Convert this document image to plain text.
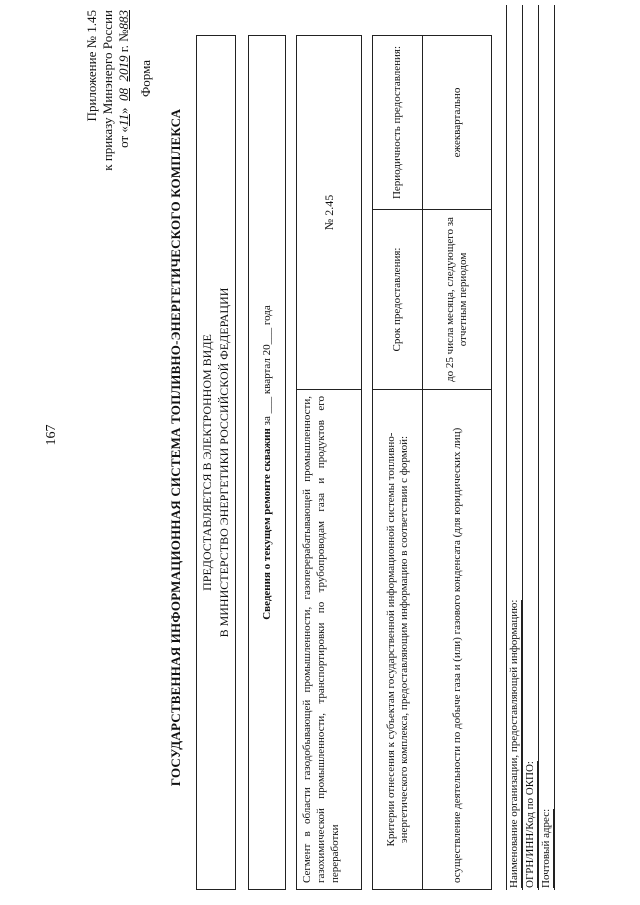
167
Приложение № 1.45 к приказу Минэнерго России от «11»  08  2019 г. №883
Форма
ГОСУДАРСТВЕННАЯ ИНФОРМАЦИОННАЯ СИСТЕМА ТОПЛИВНО-ЭНЕРГЕТИЧЕСКОГО КОМПЛЕКСА ПРЕДОСТАВЛЯЕТСЯ В ЭЛЕКТРОННОМ ВИДЕ В МИНИСТЕРСТВО ЭНЕРГЕТИКИ РОССИЙСКОЙ ФЕДЕРАЦИИ	Сведения о текущем ремонте скважин за ___ квартал 20___ года
Сегмент в области газодобывающей промышленности, газоперерабатывающей промышленности, газохимической промышленности, транспортировки по трубопроводам газа и продуктов его переработки
№ 2.45
Критерии отнесения к субъектам государственной информационной системы топливно-энергетического комплекса, предоставляющим информацию в соответствии с формой:	осуществление деятельности по добыче газа и (или) газового конденсата (для юридических лиц)
Срок предоставления:	до 25 числа месяца, следующего за отчетным периодом
Периодичность предоставления:	ежеквартально
Наименование организации, предоставляющей информацию: ОГРН/ИНН/Код по ОКПО: Почтовый адрес:
